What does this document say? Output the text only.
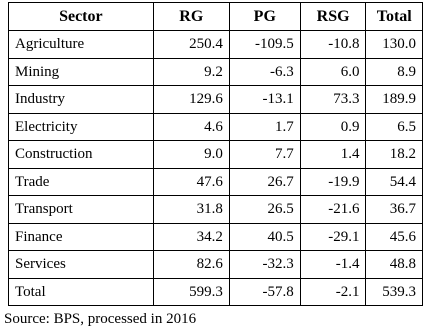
Sector	RG	PG	RSG	Total
Agriculture	250.4	-109.5	-10.8	130.0
Mining	9.2	-6.3	6.0	8.9
Industry	129.6	-13.1	73.3	189.9
Electricity	4.6	1.7	0.9	6.5
Construction	9.0	7.7	1.4	18.2
Trade	47.6	26.7	-19.9	54.4
Transport	31.8	26.5	-21.6	36.7
Finance	34.2	40.5	-29.1	45.6
Services	82.6	-32.3	-1.4	48.8
Total	599.3	-57.8	-2.1	539.3
Source: BPS, processed in 2016
